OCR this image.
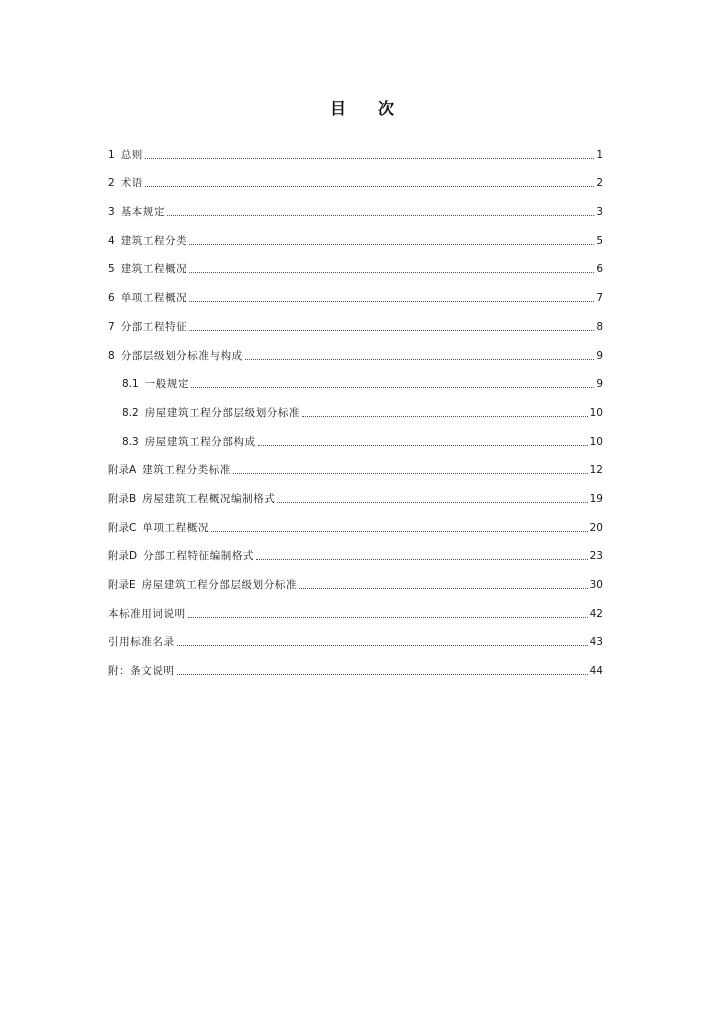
目 次
1 总则	1
2 术语	2
3 基本规定	3
4 建筑工程分类	5
5 建筑工程概况	6
6 单项工程概况	7
7 分部工程特征	8
8 分部层级划分标准与构成	9
8.1 一般规定	9
8.2 房屋建筑工程分部层级划分标准	10
8.3 房屋建筑工程分部构成	10
附录A 建筑工程分类标准	12
附录B 房屋建筑工程概况编制格式	19
附录C 单项工程概况	20
附录D 分部工程特征编制格式	23
附录E 房屋建筑工程分部层级划分标准	30
本标准用词说明	42
引用标准名录	43
附：条文说明	44
